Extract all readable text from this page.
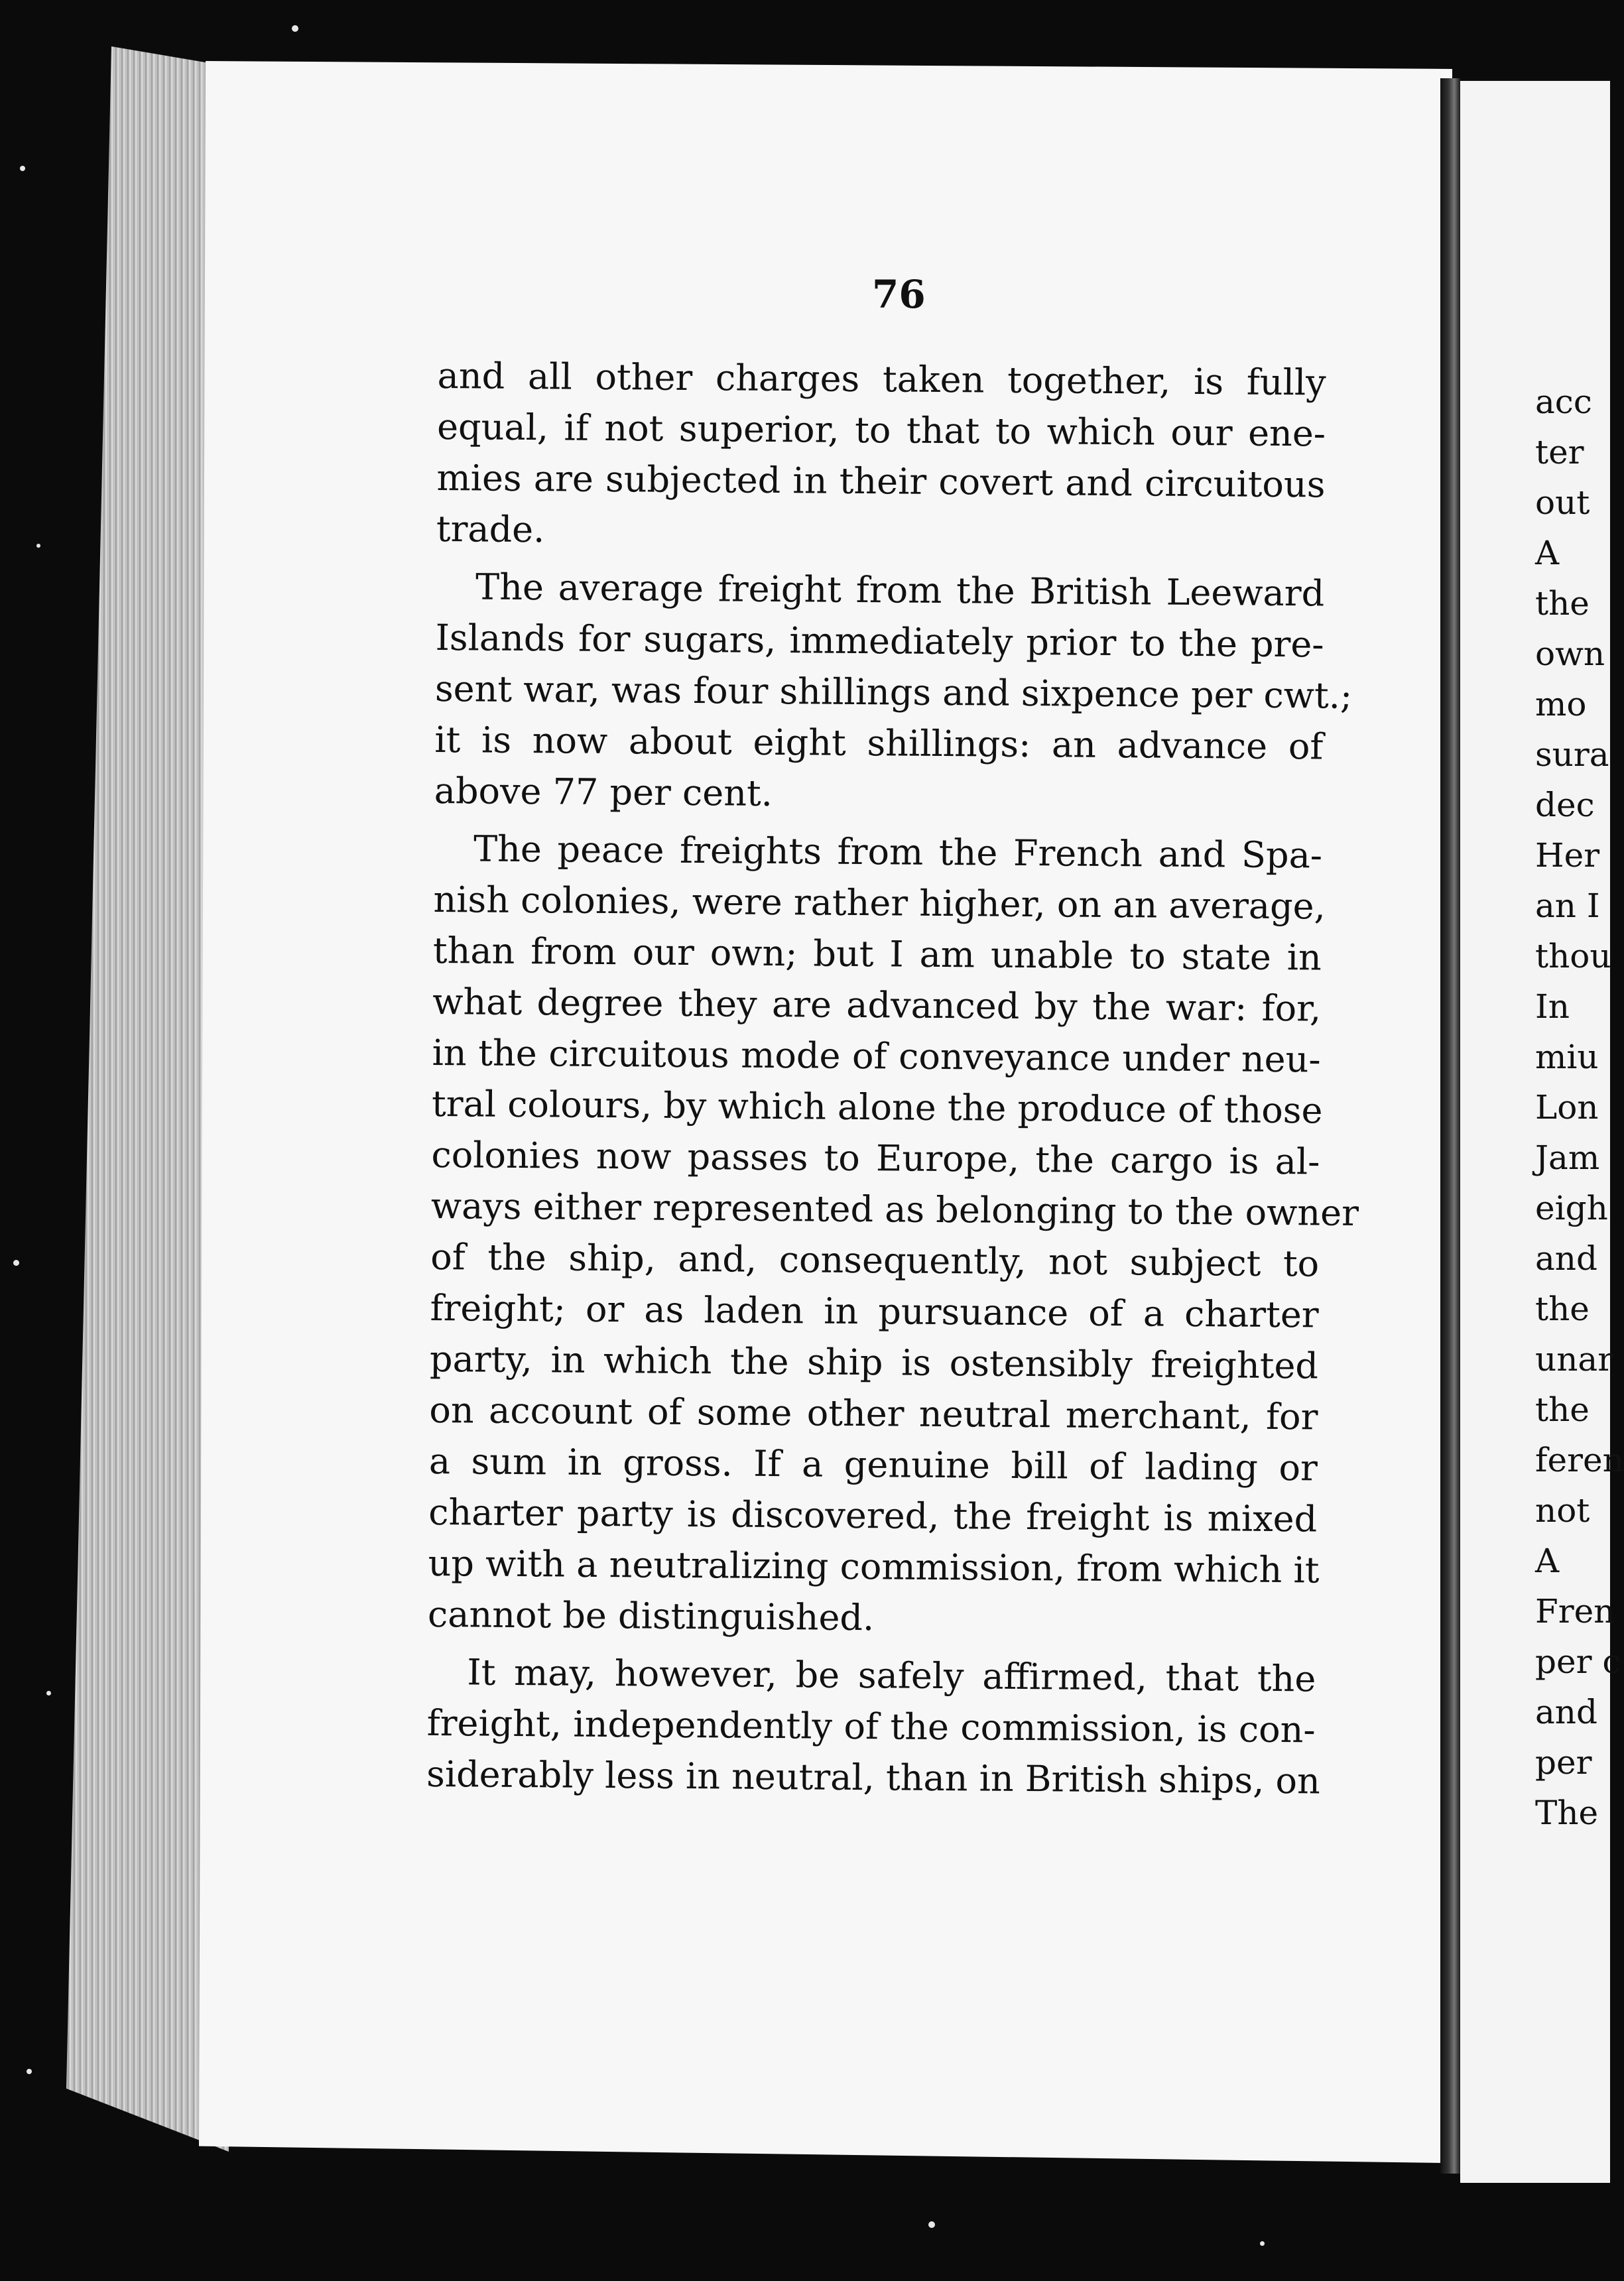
76
and all other charges taken together, is fully
equal, if not superior, to that to which our ene-
mies are subjected in their covert and circuitous
trade.
The average freight from the British Leeward
Islands for sugars, immediately prior to the pre-
sent war, was four shillings and sixpence per cwt.;
it is now about eight shillings: an advance of
above 77 per cent.
The peace freights from the French and Spa-
nish colonies, were rather higher, on an average,
than from our own; but I am unable to state in
what degree they are advanced by the war: for,
in the circuitous mode of conveyance under neu-
tral colours, by which alone the produce of those
colonies now passes to Europe, the cargo is al-
ways either represented as belonging to the owner
of the ship, and, consequently, not subject to
freight; or as laden in pursuance of a charter
party, in which the ship is ostensibly freighted
on account of some other neutral merchant, for
a sum in gross. If a genuine bill of lading or
charter party is discovered, the freight is mixed
up with a neutralizing commission, from which it
cannot be distinguished.
It may, however, be safely affirmed, that the
freight, independently of the commission, is con-
siderably less in neutral, than in British ships, on
acc
ter
out
A
the
own
mo
sura
dec
Her
an I
thou
In
miu
Lon
Jam
eigh
and
the
unar
the
feren
not
A
Fren
per c
and
per
The
